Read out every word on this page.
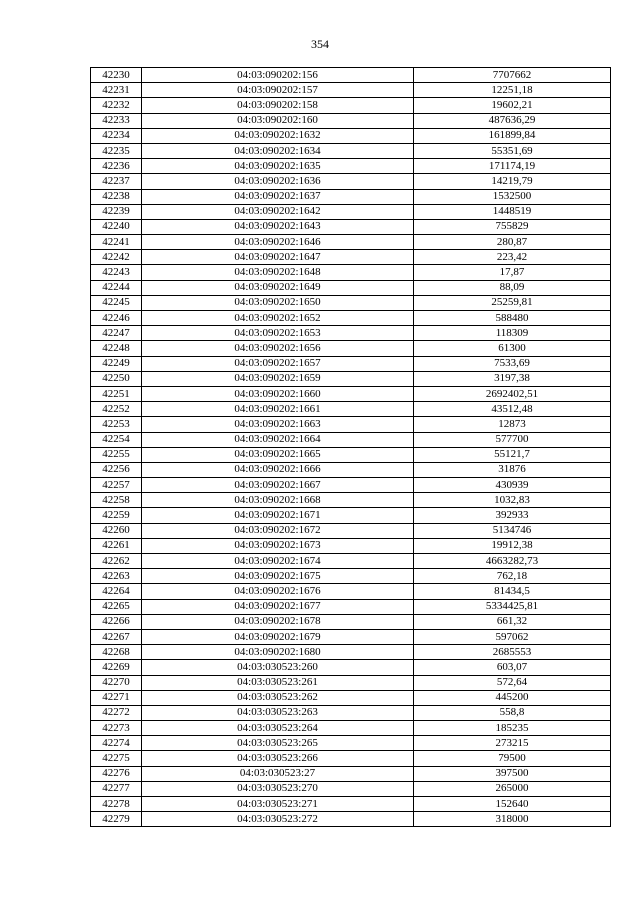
354
42230	04:03:090202:156	7707662
42231	04:03:090202:157	12251,18
42232	04:03:090202:158	19602,21
42233	04:03:090202:160	487636,29
42234	04:03:090202:1632	161899,84
42235	04:03:090202:1634	55351,69
42236	04:03:090202:1635	171174,19
42237	04:03:090202:1636	14219,79
42238	04:03:090202:1637	1532500
42239	04:03:090202:1642	1448519
42240	04:03:090202:1643	755829
42241	04:03:090202:1646	280,87
42242	04:03:090202:1647	223,42
42243	04:03:090202:1648	17,87
42244	04:03:090202:1649	88,09
42245	04:03:090202:1650	25259,81
42246	04:03:090202:1652	588480
42247	04:03:090202:1653	118309
42248	04:03:090202:1656	61300
42249	04:03:090202:1657	7533,69
42250	04:03:090202:1659	3197,38
42251	04:03:090202:1660	2692402,51
42252	04:03:090202:1661	43512,48
42253	04:03:090202:1663	12873
42254	04:03:090202:1664	577700
42255	04:03:090202:1665	55121,7
42256	04:03:090202:1666	31876
42257	04:03:090202:1667	430939
42258	04:03:090202:1668	1032,83
42259	04:03:090202:1671	392933
42260	04:03:090202:1672	5134746
42261	04:03:090202:1673	19912,38
42262	04:03:090202:1674	4663282,73
42263	04:03:090202:1675	762,18
42264	04:03:090202:1676	81434,5
42265	04:03:090202:1677	5334425,81
42266	04:03:090202:1678	661,32
42267	04:03:090202:1679	597062
42268	04:03:090202:1680	2685553
42269	04:03:030523:260	603,07
42270	04:03:030523:261	572,64
42271	04:03:030523:262	445200
42272	04:03:030523:263	558,8
42273	04:03:030523:264	185235
42274	04:03:030523:265	273215
42275	04:03:030523:266	79500
42276	04:03:030523:27	397500
42277	04:03:030523:270	265000
42278	04:03:030523:271	152640
42279	04:03:030523:272	318000
